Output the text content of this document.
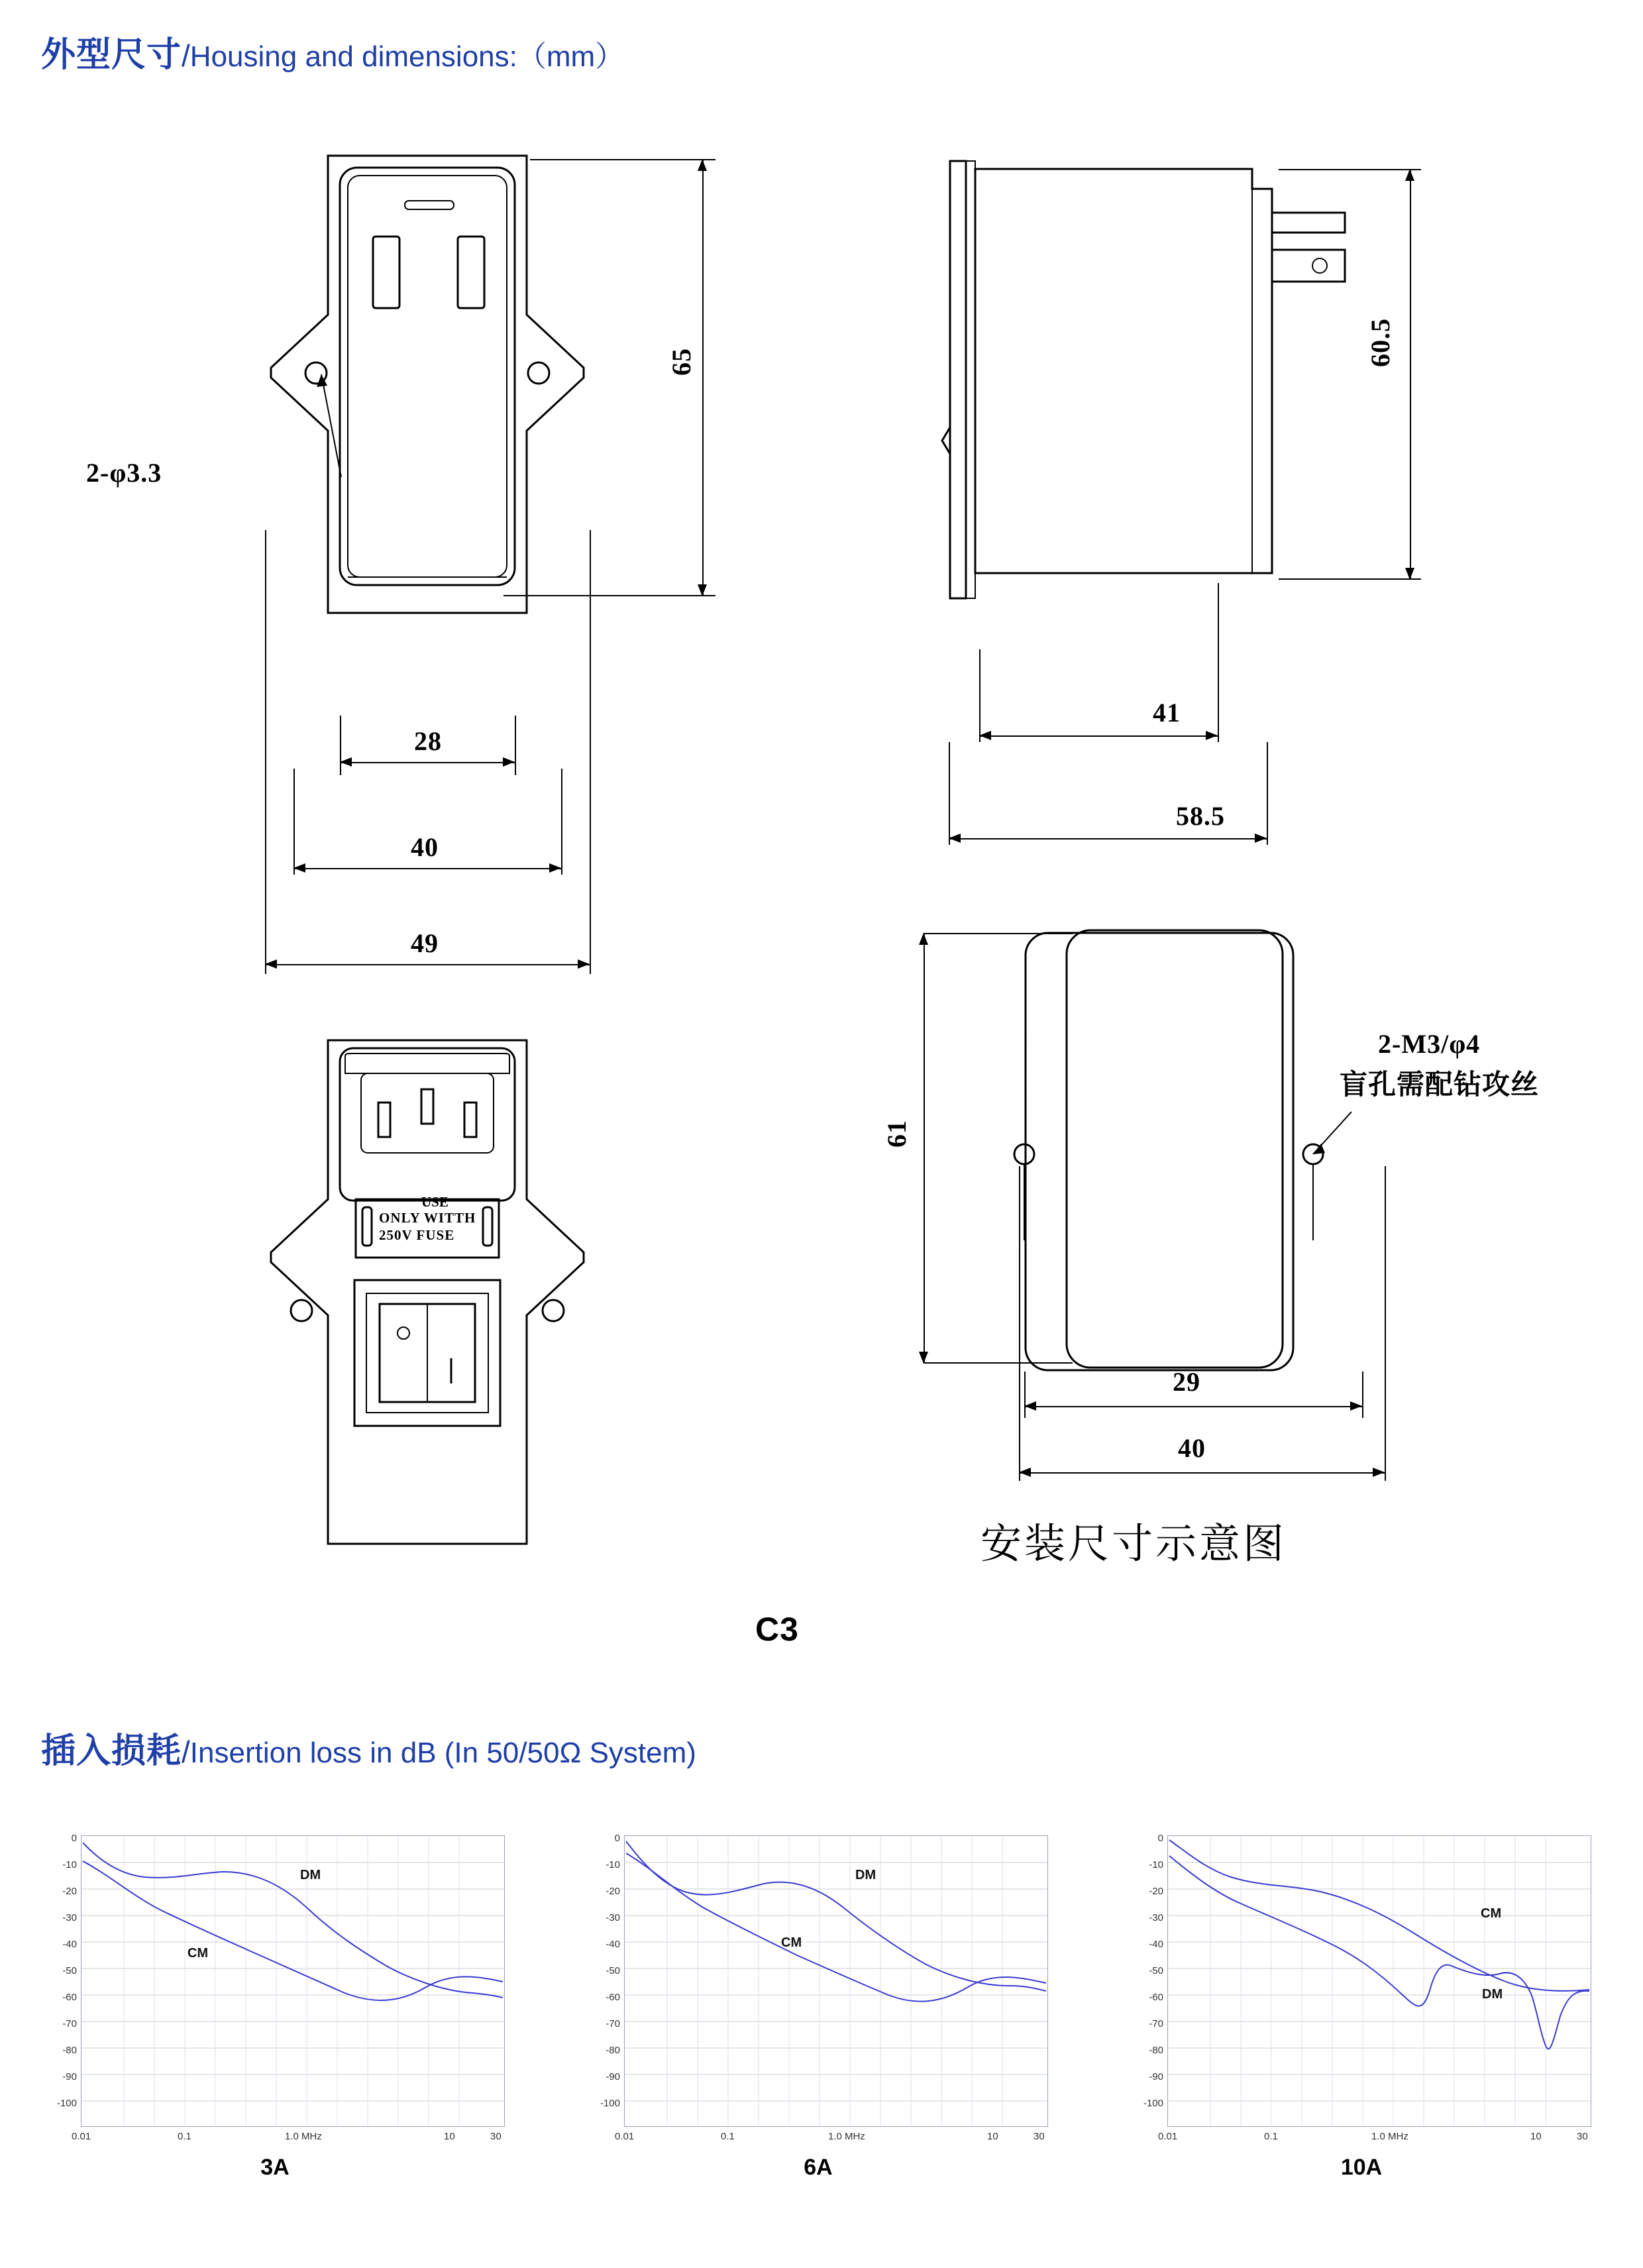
外型尺寸/Housing and dimensions:（mm）
插入损耗/Insertion loss in dB (In 50/50Ω System)
C3
安装尺寸示意图
2-φ3.3
65
28
40
49
60.5
41
58.5
USE
ONLY WITTH
250V FUSE
2-M3/φ4
盲孔需配钻攻丝
61
29
40
DM
CM
0
-10
-20
-30
-40
-50
-60
-70
-80
-90
-100
0.01	0.1	1.0 MHz	10	30
3A
DM
CM
0
-10
-20
-30
-40
-50
-60
-70
-80
-90
-100
0.01	0.1	1.0 MHz	10	30
6A
CM
DM
0
-10
-20
-30
-40
-50
-60
-70
-80
-90
-100
0.01	0.1	1.0 MHz	10	30
10A
